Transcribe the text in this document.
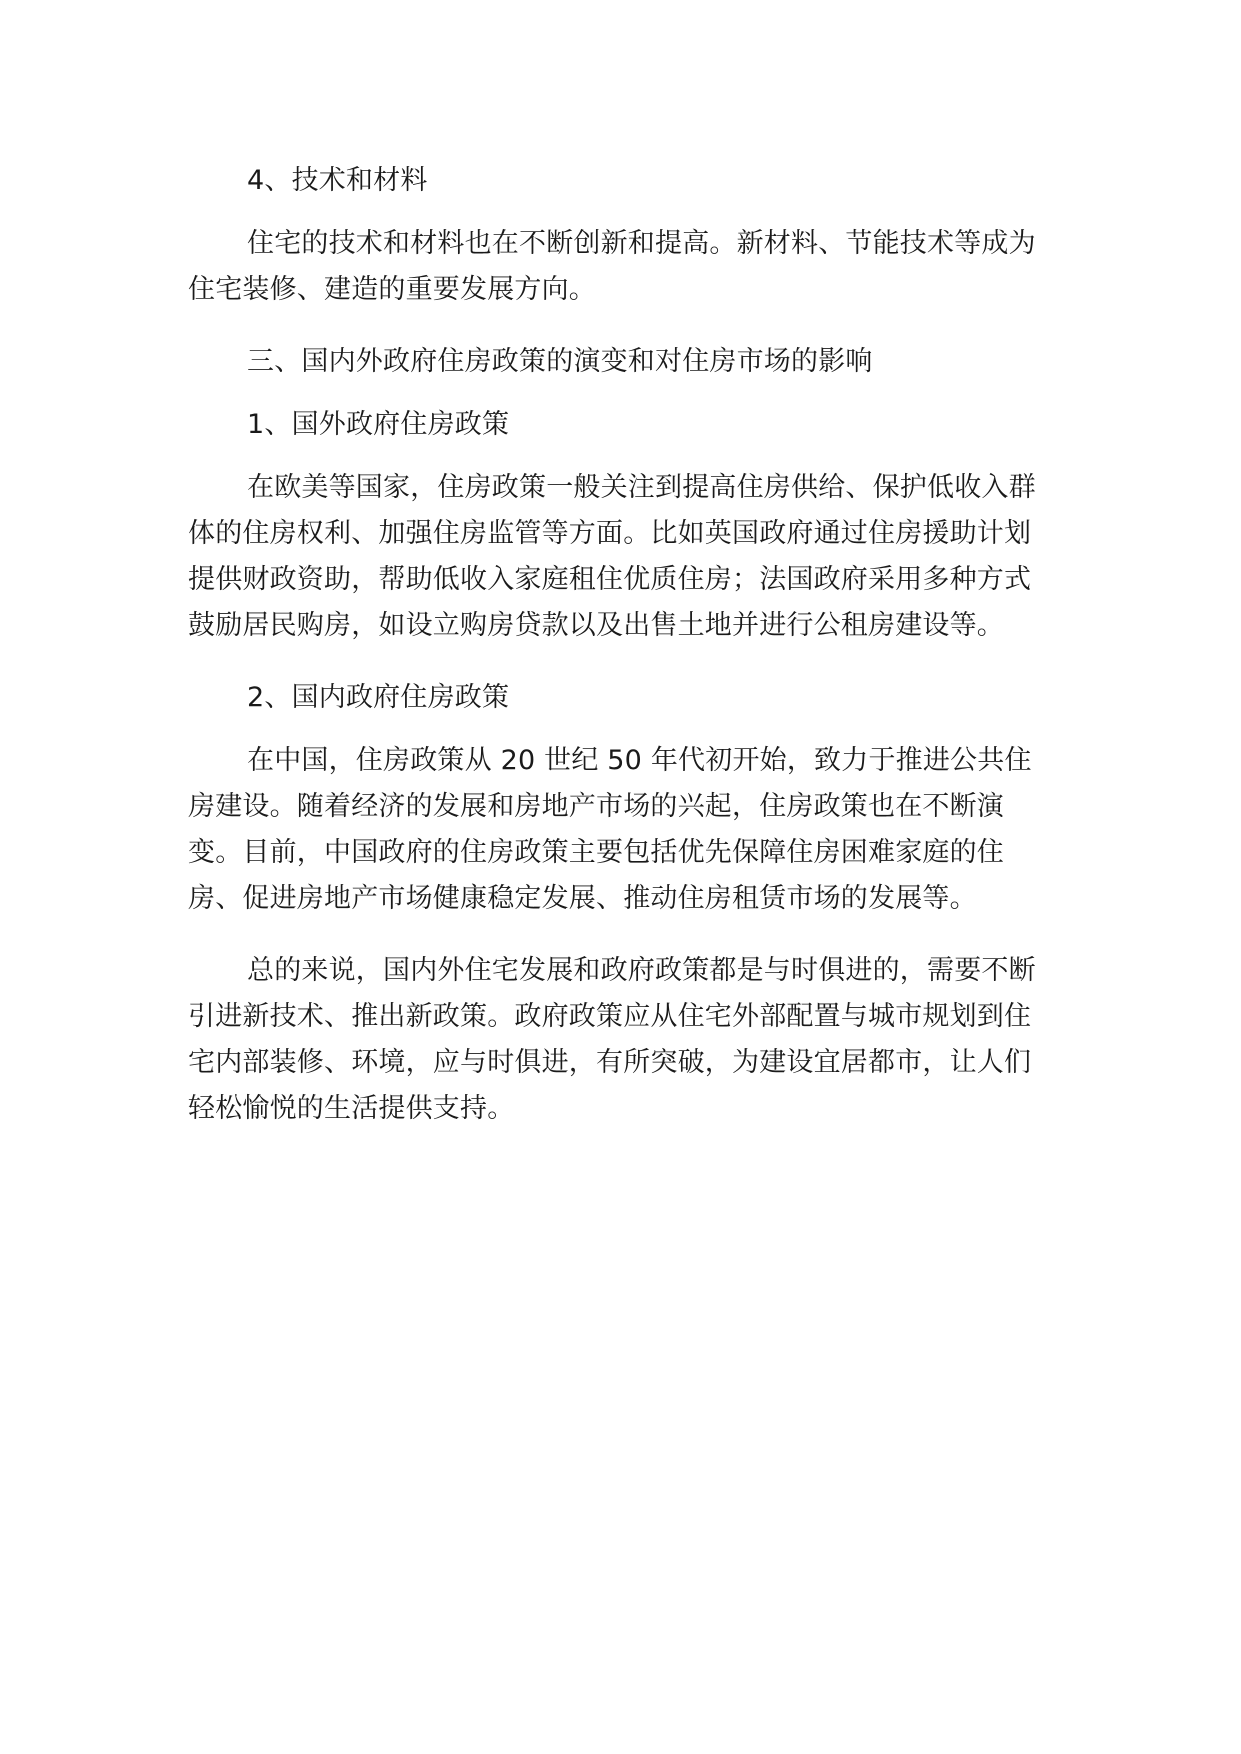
4、技术和材料

住宅的技术和材料也在不断创新和提高。新材料、节能技术等成为住宅装修、建造的重要发展方向。

三、国内外政府住房政策的演变和对住房市场的影响

1、国外政府住房政策

在欧美等国家，住房政策一般关注到提高住房供给、保护低收入群体的住房权利、加强住房监管等方面。比如英国政府通过住房援助计划提供财政资助，帮助低收入家庭租住优质住房；法国政府采用多种方式鼓励居民购房，如设立购房贷款以及出售土地并进行公租房建设等。

2、国内政府住房政策

在中国，住房政策从 20 世纪 50 年代初开始，致力于推进公共住房建设。随着经济的发展和房地产市场的兴起，住房政策也在不断演变。目前，中国政府的住房政策主要包括优先保障住房困难家庭的住房、促进房地产市场健康稳定发展、推动住房租赁市场的发展等。

总的来说，国内外住宅发展和政府政策都是与时俱进的，需要不断引进新技术、推出新政策。政府政策应从住宅外部配置与城市规划到住宅内部装修、环境，应与时俱进，有所突破，为建设宜居都市，让人们轻松愉悦的生活提供支持。
